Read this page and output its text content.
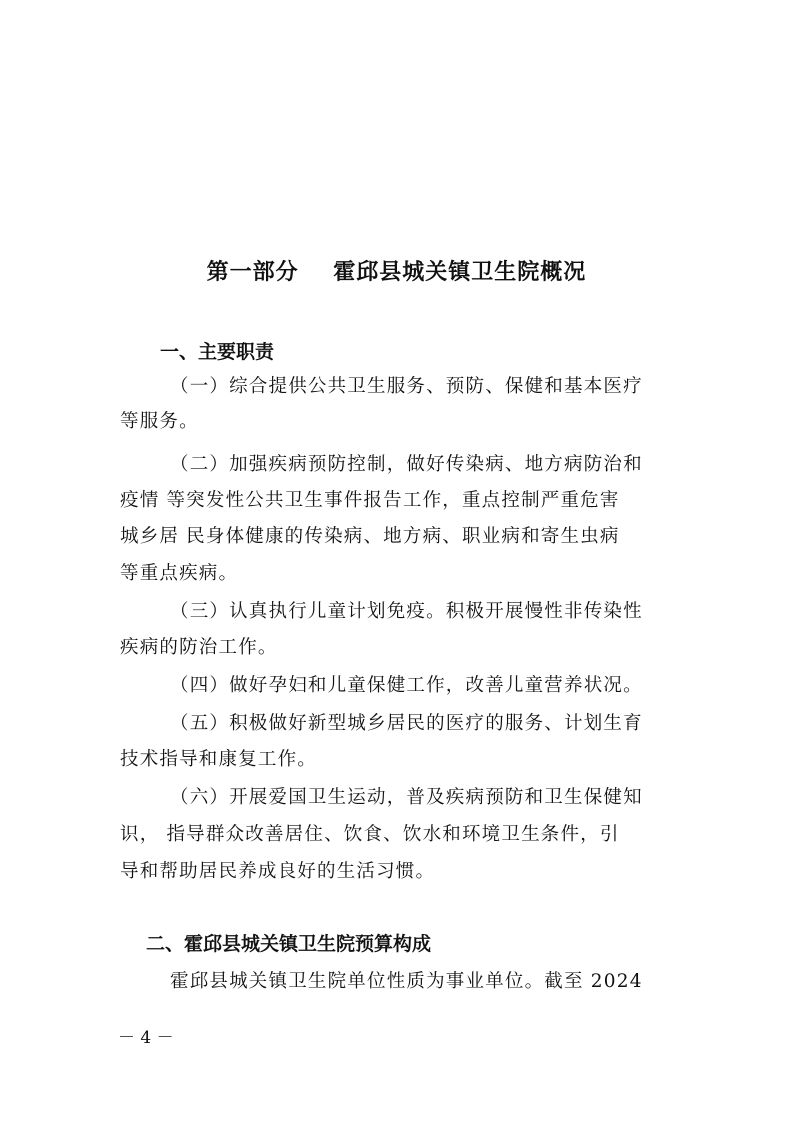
第一部分    霍邱县城关镇卫生院概况
一、主要职责
（一）综合提供公共卫生服务、预防、保健和基本医疗
等服务。
（二）加强疾病预防控制，做好传染病、地方病防治和
疫情 等突发性公共卫生事件报告工作，重点控制严重危害
城乡居 民身体健康的传染病、地方病、职业病和寄生虫病
等重点疾病。
（三）认真执行儿童计划免疫。积极开展慢性非传染性
疾病的防治工作。
（四）做好孕妇和儿童保健工作，改善儿童营养状况。
（五）积极做好新型城乡居民的医疗的服务、计划生育
技术指导和康复工作。
（六）开展爱国卫生运动，普及疾病预防和卫生保健知
识， 指导群众改善居住、饮食、饮水和环境卫生条件，引
导和帮助居民养成良好的生活习惯。
二、霍邱县城关镇卫生院预算构成
霍邱县城关镇卫生院单位性质为事业单位。截至 2024
－ 4 －
